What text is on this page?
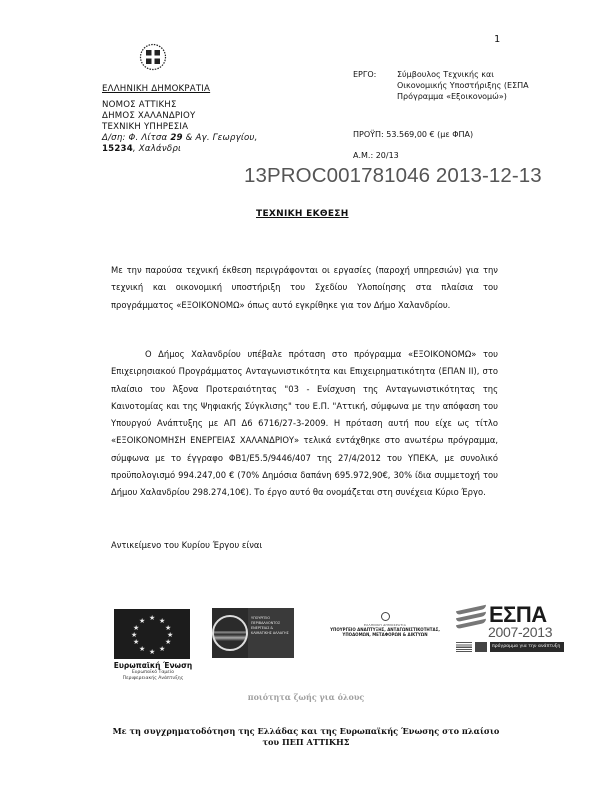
1
ΕΛΛΗΝΙΚΗ ΔΗΜΟΚΡΑΤΙΑ
ΝΟΜΟΣ ΑΤΤΙΚΗΣ
ΔΗΜΟΣ ΧΑΛΑΝΔΡΙΟΥ
ΤΕΧΝΙΚΗ ΥΠΗΡΕΣΙΑ
Δ/ση: Φ. Λίτσα 29 & Αγ. Γεωργίου,
15234, Χαλάνδρι
ΕΡΓΟ:	Σύμβουλος Τεχνικής και
Οικονομικής Υποστήριξης (ΕΣΠΑ
Πρόγραμμα «Εξοικονομώ»)
ΠΡΟΫΠ: 53.569,00 € (με ΦΠΑ)
Α.Μ.: 20/13
13PROC001781046 2013-12-13
ΤΕΧΝΙΚΗ ΕΚΘΕΣΗ
Με την παρούσα τεχνική έκθεση περιγράφονται οι εργασίες (παροχή υπηρεσιών) για την τεχνική και οικονομική υποστήριξη του Σχεδίου Υλοποίησης στα πλαίσια του προγράμματος «ΕΞΟΙΚΟΝΟΜΩ» όπως αυτό εγκρίθηκε για τον Δήμο Χαλανδρίου.
Ο Δήμος Χαλανδρίου υπέβαλε πρόταση στο πρόγραμμα «ΕΞΟΙΚΟΝΟΜΩ» του Επιχειρησιακού Προγράμματος Ανταγωνιστικότητα και Επιχειρηματικότητα (ΕΠΑΝ ΙΙ), στο πλαίσιο του Άξονα Προτεραιότητας "03 - Ενίσχυση της Ανταγωνιστικότητας της Καινοτομίας και της Ψηφιακής Σύγκλισης" του Ε.Π. "Αττική, σύμφωνα με την απόφαση του Υπουργού Ανάπτυξης με ΑΠ Δ6 6716/27-3-2009. Η πρόταση αυτή που είχε ως τίτλο «ΕΞΟΙΚΟΝΟΜΗΣΗ ΕΝΕΡΓΕΙΑΣ ΧΑΛΑΝΔΡΙΟΥ» τελικά εντάχθηκε στο ανωτέρω πρόγραμμα, σύμφωνα με το έγγραφο ΦΒ1/Ε5.5/9446/407 της 27/4/2012 του ΥΠΕΚΑ, με συνολικό προϋπολογισμό 994.247,00 € (70% Δημόσια δαπάνη 695.972,90€, 30% ίδια συμμετοχή του Δήμου Χαλανδρίου 298.274,10€). Το έργο αυτό θα ονομάζεται στη συνέχεια Κύριο Έργο.
Αντικείμενο του Κυρίου Έργου είναι
★ ★
★
★
★
★
★
★
★
★
★
★
Ευρωπαϊκή Ένωση
Ευρωπαϊκό Ταμείο
Περιφερειακής Ανάπτυξης
ΥΠΟΥΡΓΕΙΟ ΠΕΡΙΒΑΛΛΟΝΤΟΣ ΕΝΕΡΓΕΙΑΣ & ΚΛΙΜΑΤΙΚΗΣ ΑΛΛΑΓΗΣ
ΕΛΛΗΝΙΚΗ ΔΗΜΟΚΡΑΤΙΑ
ΥΠΟΥΡΓΕΙΟ ΑΝΑΠΤΥΞΗΣ, ΑΝΤΑΓΩΝΙΣΤΙΚΟΤΗΤΑΣ, ΥΠΟΔΟΜΩΝ, ΜΕΤΑΦΟΡΩΝ & ΔΙΚΤΥΩΝ
ΕΣΠΑ
2007-2013
πρόγραμμα για την ανάπτυξη
ποιότητα ζωής για όλους
Με τη συγχρηματοδότηση της Ελλάδας και της Ευρωπαϊκής Ένωσης στο πλαίσιο
του ΠΕΠ ΑΤΤΙΚΗΣ
